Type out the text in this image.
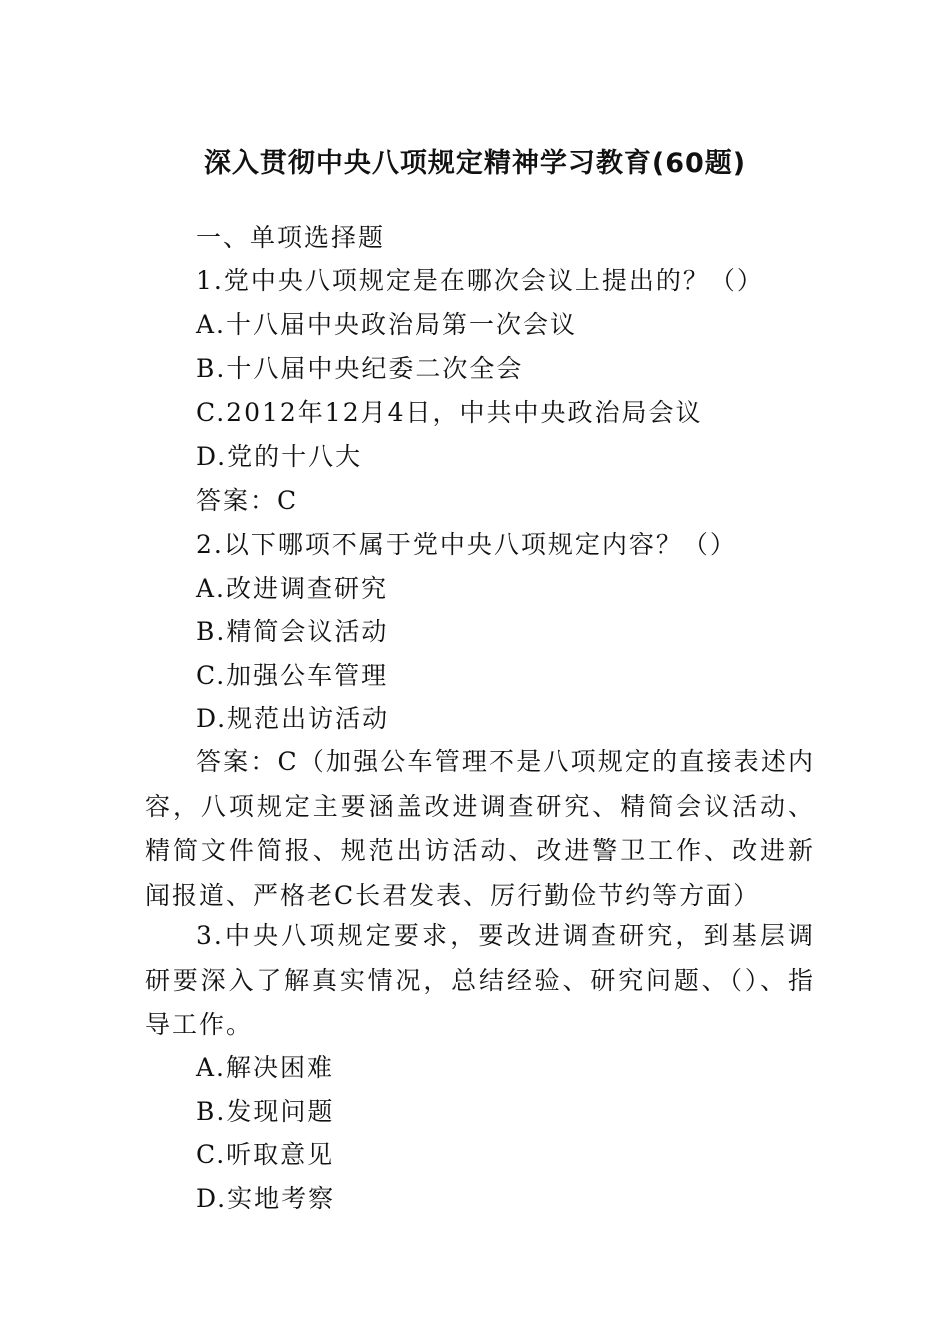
深入贯彻中央八项规定精神学习教育(60题)
一、单项选择题
1.党中央八项规定是在哪次会议上提出的？（）
A.十八届中央政治局第一次会议
B.十八届中央纪委二次全会
C.2012年12月4日，中共中央政治局会议
D.党的十八大
答案：C
2.以下哪项不属于党中央八项规定内容？（）
A.改进调查研究
B.精简会议活动
C.加强公车管理
D.规范出访活动
答案：C（加强公车管理不是八项规定的直接表述内容，八项规定主要涵盖改进调查研究、精简会议活动、精简文件简报、规范出访活动、改进警卫工作、改进新闻报道、严格老C长君发表、厉行勤俭节约等方面）
3.中央八项规定要求，要改进调查研究，到基层调研要深入了解真实情况，总结经验、研究问题、（）、指导工作。
A.解决困难
B.发现问题
C.听取意见
D.实地考察
